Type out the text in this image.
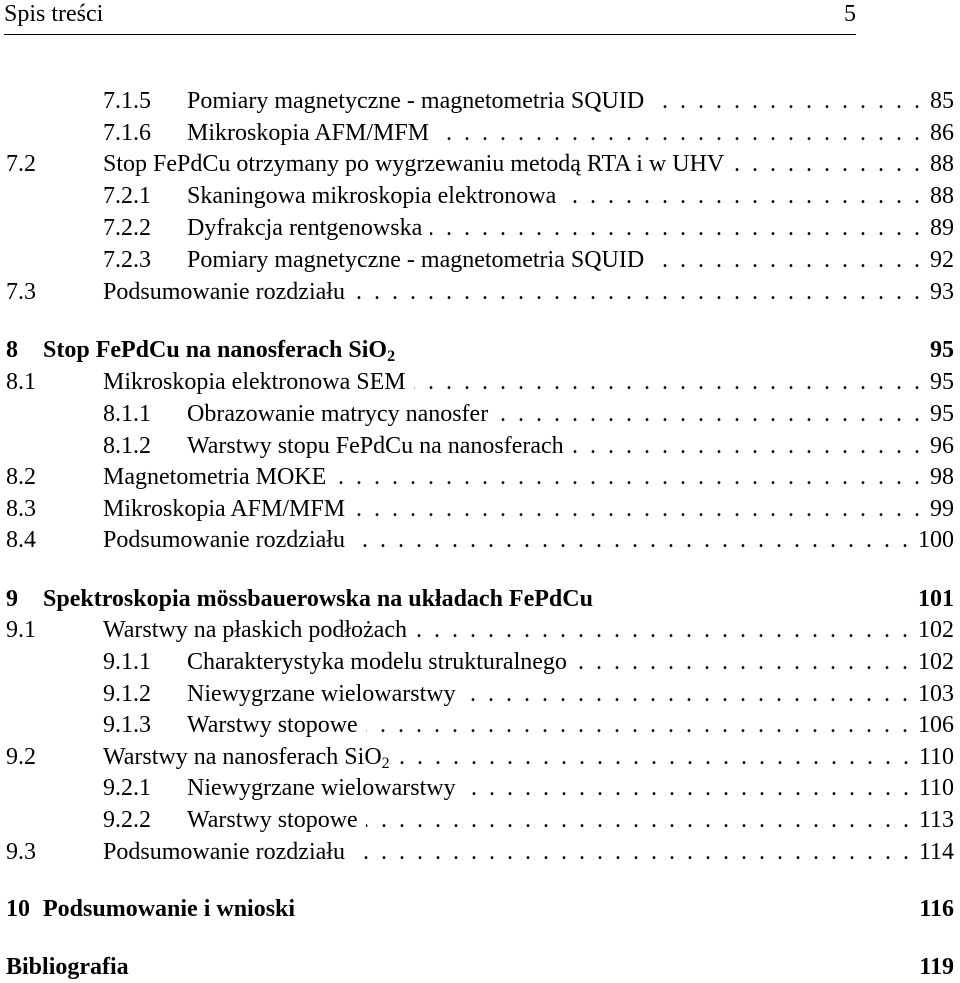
Spis treści	5
7.1.5 Pomiary magnetyczne - magnetometria SQUID	85
. . .
7.1.6 Mikroskopia AFM/MFM	86
. . .
7.2	Stop FePdCu otrzymany po wygrzewaniu metodą RTA i w UHV	88
. . .
7.2.1 Skaningowa mikroskopia elektronowa	88
. . .
7.2.2 Dyfrakcja rentgenowska	89
. . .
7.2.3 Pomiary magnetyczne - magnetometria SQUID	92
. . .
7.3	Podsumowanie rozdziału	93
. . .
8 Stop FePdCu na nanosferach SiO$_2$	95
8.1	Mikroskopia elektronowa SEM	95
. . .
8.1.1 Obrazowanie matrycy nanosfer	95
. . .
8.1.2 Warstwy stopu FePdCu na nanosferach	96
. . .
8.2	Magnetometria MOKE	98
. . .
8.3	Mikroskopia AFM/MFM	99
. . .
8.4	Podsumowanie rozdziału	100
. . .
9 Spektroskopia mössbauerowska na układach FePdCu	101
9.1	Warstwy na płaskich podłożach	102
. . .
9.1.1 Charakterystyka modelu strukturalnego	102
. . .
9.1.2 Niewygrzane wielowarstwy	103
. . .
9.1.3 Warstwy stopowe	106
. . .
9.2	Warstwy na nanosferach SiO$_2$	110
. . .
9.2.1 Niewygrzane wielowarstwy	110
. . .
9.2.2 Warstwy stopowe	113
. . .
9.3	Podsumowanie rozdziału	114
. . .
10 Podsumowanie i wnioski	116
Bibliografia	119
